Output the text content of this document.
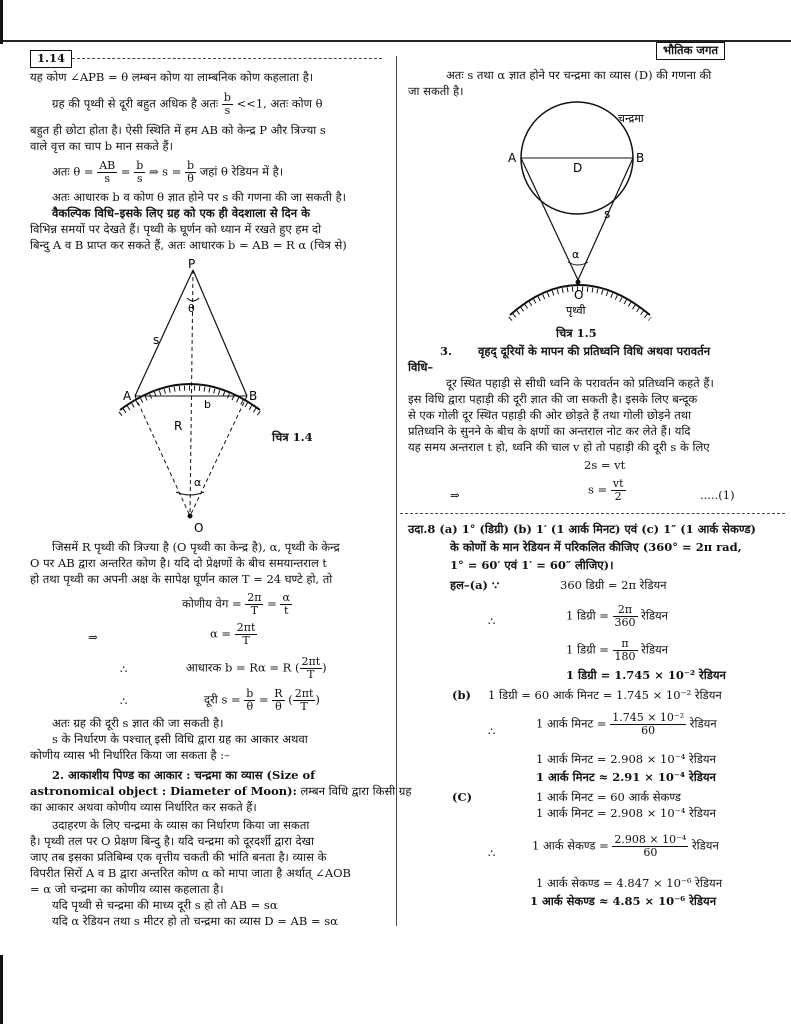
1.14
भौतिक जगत
यह कोण ∠APB = θ लम्बन कोण या लाम्बनिक कोण कहलाता है।
ग्रह की पृथ्वी से दूरी बहुत अधिक है अतः $\frac{b}{s} <<1$, अतः कोण θ
बहुत ही छोटा होता है। ऐसी स्थिति में हम AB को केन्द्र P और त्रिज्या s
वाले वृत्त का चाप b मान सकते हैं।
अतः $\theta = \frac{AB}{s} = \frac{b}{s}$ ⇒ $s = \frac{b}{\theta}$ जहां θ रेडियन में है।
अतः आधारक b व कोण θ ज्ञात होने पर s की गणना की जा सकती है।
वैकल्पिक विधि–इसके लिए ग्रह को एक ही वेदशाला से दिन के
विभिन्न समयों पर देखते हैं। पृथ्वी के घूर्णन को ध्यान में रखते हुए हम दो
बिन्दु A व B प्राप्त कर सकते हैं, अतः आधारक b = AB = R α (चित्र से)
P
s
θ
A	B
b
R
α
O
चित्र 1.4
जिसमें R पृथ्वी की त्रिज्या है (O पृथ्वी का केन्द्र है), α, पृथ्वी के केन्द्र
O पर AB द्वारा अन्तरित कोण है। यदि दो प्रेक्षणों के बीच समयान्तराल t
हो तथा पृथ्वी का अपनी अक्ष के सापेक्ष घूर्णन काल T = 24 घण्टे हो, तो
कोणीय वेग = $\frac{2\pi}{T} = \frac{\alpha}{t}$
⇒	$\alpha = \frac{2\pi t}{T}$
∴	आधारक b = Rα = R ( $\frac{2\pi t}{T}$ )
∴	दूरी $s = \frac{b}{\theta} = \frac{R}{\theta}$ ( $\frac{2\pi t}{T}$ )
अतः ग्रह की दूरी s ज्ञात की जा सकती है।
s के निर्धारण के पश्चात् इसी विधि द्वारा ग्रह का आकार अथवा
कोणीय व्यास भी निर्धारित किया जा सकता है :–
2. आकाशीय पिण्ड का आकार : चन्द्रमा का व्यास (Size of
astronomical object : Diameter of Moon): लम्बन विधि द्वारा किसी ग्रह
का आकार अथवा कोणीय व्यास निर्धारित कर सकते हैं।
उदाहरण के लिए चन्द्रमा के व्यास का निर्धारण किया जा सकता
है। पृथ्वी तल पर O प्रेक्षण बिन्दु है। यदि चन्द्रमा को दूरदर्शी द्वारा देखा
जाए तब इसका प्रतिबिम्ब एक वृत्तीय चकती की भांति बनता है। व्यास के
विपरीत सिरों A व B द्वारा अन्तरित कोण α को मापा जाता है अर्थात् ∠AOB
= α जो चन्द्रमा का कोणीय व्यास कहलाता है।
यदि पृथ्वी से चन्द्रमा की माध्य दूरी s हो तो AB = sα
यदि α रेडियन तथा s मीटर हो तो चन्द्रमा का व्यास D = AB = sα
अतः s तथा α ज्ञात होने पर चन्द्रमा का व्यास (D) की गणना की
जा सकती है।
चन्द्रमा
A	B
D
s
α
O
पृथ्वी
चित्र 1.5
3. वृहद् दूरियों के मापन की प्रतिध्वनि विधि अथवा परावर्तन
विधि–
दूर स्थित पहाड़ी से सीधी ध्वनि के परावर्तन को प्रतिध्वनि कहते हैं।
इस विधि द्वारा पहाड़ी की दूरी ज्ञात की जा सकती है। इसके लिए बन्दूक
से एक गोली दूर स्थित पहाड़ी की ओर छोड़ते हैं तथा गोली छोड़ने तथा
प्रतिध्वनि के सुनने के बीच के क्षणों का अन्तराल नोट कर लेते हैं। यदि
यह समय अन्तराल t हो, ध्वनि की चाल v हो तो पहाड़ी की दूरी s के लिए
2s = vt
⇒	$s = \frac{vt}{2}$	.....(1)
उदा.8 (a) 1° (डिग्री) (b) 1′ (1 आर्क मिनट) एवं (c) 1″ (1 आर्क सेकण्ड)
के कोणों के मान रेडियन में परिकलित कीजिए (360° = 2π rad,
1° = 60′ एवं 1′ = 60″ लीजिए)।
हल–(a) ∵	360 डिग्री = 2π रेडियन
∴	1 डिग्री = $\frac{2\pi}{360}$ रेडियन
1 डिग्री = $\frac{\pi}{180}$ रेडियन
1 डिग्री = 1.745 × 10⁻² रेडियन
(b) 1 डिग्री = 60 आर्क मिनट = 1.745 × 10⁻² रेडियन
∴
1 आर्क मिनट = $\frac{\text{1.745 × 10⁻²}}{60}$ रेडियन
1 आर्क मिनट = 2.908 × 10⁻⁴ रेडियन
1 आर्क मिनट ≈ 2.91 × 10⁻⁴ रेडियन
(C)	1 आर्क मिनट = 60 आर्क सेकण्ड
1 आर्क मिनट = 2.908 × 10⁻⁴ रेडियन
∴
1 आर्क सेकण्ड = $\frac{\text{2.908 × 10⁻⁴}}{60}$ रेडियन
1 आर्क सेकण्ड = 4.847 × 10⁻⁶ रेडियन
1 आर्क सेकण्ड ≈ 4.85 × 10⁻⁶ रेडियन
